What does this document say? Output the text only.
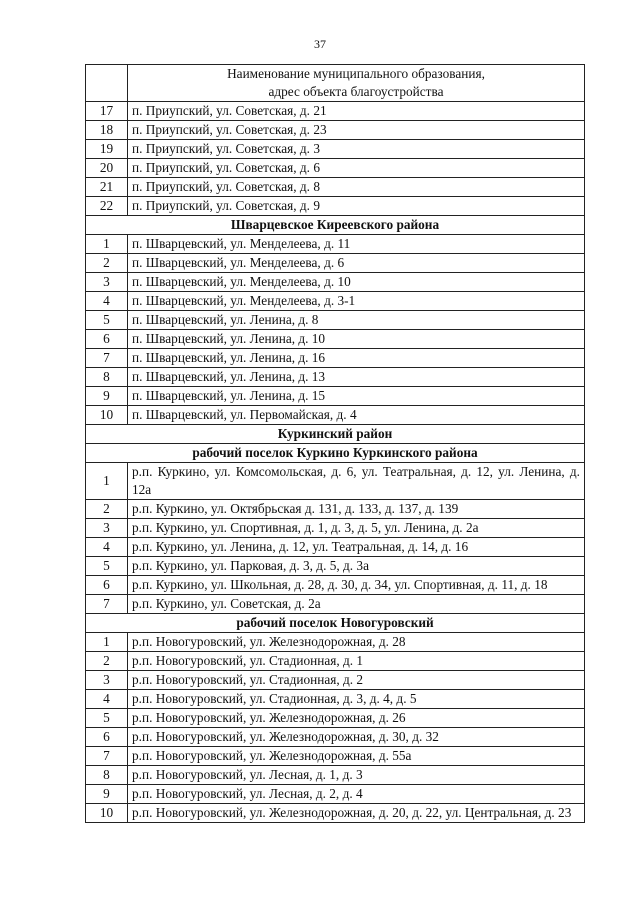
37

	Наименование муниципального образования,
адрес объекта благоустройства

17	п. Приупский, ул. Советская, д. 21
18	п. Приупский, ул. Советская, д. 23
19	п. Приупский, ул. Советская, д. 3
20	п. Приупский, ул. Советская, д. 6
21	п. Приупский, ул. Советская, д. 8
22	п. Приупский, ул. Советская, д. 9
Шварцевское Киреевского района	
1	п. Шварцевский, ул. Менделеева, д. 11
2	п. Шварцевский, ул. Менделеева, д. 6
3	п. Шварцевский, ул. Менделеева, д. 10
4	п. Шварцевский, ул. Менделеева, д. 3-1
5	п. Шварцевский, ул. Ленина, д. 8
6	п. Шварцевский, ул. Ленина, д. 10
7	п. Шварцевский, ул. Ленина, д. 16
8	п. Шварцевский, ул. Ленина, д. 13
9	п. Шварцевский, ул. Ленина, д. 15
10	п. Шварцевский, ул. Первомайская, д. 4
Куркинский район	
рабочий поселок Куркино Куркинского района	
1	р.п. Куркино, ул. Комсомольская, д. 6, ул. Театральная, д. 12, ул. Ленина, д. 12а
2	р.п. Куркино, ул. Октябрьская д. 131, д. 133, д. 137, д. 139
3	р.п. Куркино, ул. Спортивная, д. 1, д. 3, д. 5, ул. Ленина, д. 2а
4	р.п. Куркино, ул. Ленина, д. 12, ул. Театральная, д. 14, д. 16
5	р.п. Куркино, ул. Парковая, д. 3, д. 5, д. 3а
6	р.п. Куркино, ул. Школьная, д. 28, д. 30, д. 34, ул. Спортивная, д. 11, д. 18
7	р.п. Куркино, ул. Советская, д. 2а
рабочий поселок Новогуровский	
1	р.п. Новогуровский, ул. Железнодорожная, д. 28
2	р.п. Новогуровский, ул. Стадионная, д. 1
3	р.п. Новогуровский, ул. Стадионная, д. 2
4	р.п. Новогуровский, ул. Стадионная, д. 3, д. 4, д. 5
5	р.п. Новогуровский, ул. Железнодорожная, д. 26
6	р.п. Новогуровский, ул. Железнодорожная, д. 30, д. 32
7	р.п. Новогуровский, ул. Железнодорожная, д. 55а
8	р.п. Новогуровский, ул. Лесная, д. 1, д. 3
9	р.п. Новогуровский, ул. Лесная, д. 2, д. 4
10	р.п. Новогуровский, ул. Железнодорожная, д. 20, д. 22, ул. Центральная, д. 23
